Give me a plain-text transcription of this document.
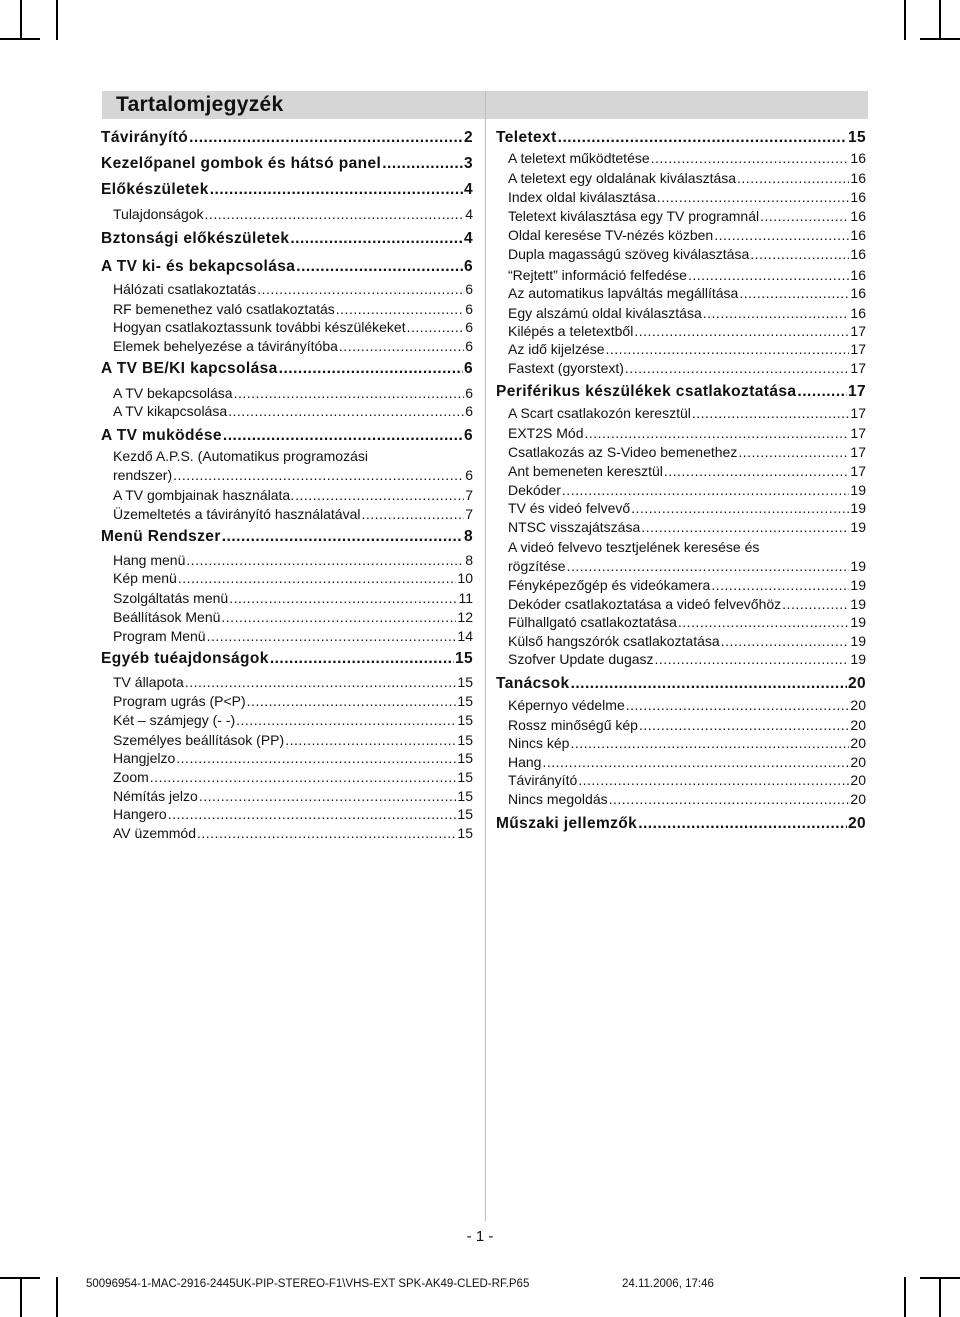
Tartalomjegyzék
Távirányító .....	2
Kezelőpanel gombok és hátsó panel .....	3
Előkészületek .....	4
Tulajdonságok .....	4
Bztonsági előkészületek .....	4
A TV ki- és bekapcsolása .....	6
Hálózati csatlakoztatás .....	6
RF bemenethez való csatlakoztatás .....	6
Hogyan csatlakoztassunk további készülékeket .....	6
Elemek behelyezése a távirányítóba .....	6
A TV BE/KI kapcsolása .....	6
A TV bekapcsolása .....	6
A TV kikapcsolása .....	6
A TV muködése .....	6
Kezdő A.P.S. (Automatikus programozási
rendszer) .....	6
A TV gombjainak használata. .....	7
Üzemeltetés a távirányító használatával .....	7
Menü Rendszer .....	8
Hang menü .....	8
Kép menü .....	10
Szolgáltatás menü .....	11
Beállítások Menü .....	12
Program Menü .....	14
Egyéb tuéajdonságok .....	15
TV állapota .....	15
Program ugrás (P<P) .....	15
Két – számjegy (- -) .....	15
Személyes beállítások (PP) .....	15
Hangjelzo .....	15
Zoom .....	15
Némítás jelzo .....	15
Hangero .....	15
AV üzemmód .....	15
Teletext .....	15
A teletext működtetése .....	16
A teletext egy oldalának kiválasztása .....	16
Index oldal kiválasztása .....	16
Teletext kiválasztása egy TV programnál .....	16
Oldal keresése TV-nézés közben .....	16
Dupla magasságú szöveg kiválasztása .....	16
“Rejtett” információ felfedése .....	16
Az automatikus lapváltás megállítása .....	16
Egy alszámú oldal kiválasztása .....	16
Kilépés a teletextből .....	17
Az idő kijelzése .....	17
Fastext (gyorstext) .....	17
Periférikus készülékek csatlakoztatása .....	17
A Scart csatlakozón keresztül .....	17
EXT2S Mód .....	17
Csatlakozás az S-Video bemenethez .....	17
Ant bemeneten keresztül .....	17
Dekóder .....	19
TV és videó felvevő .....	19
NTSC visszajátszása .....	19
A videó felvevo tesztjelének keresése és
rögzítése .....	19
Fényképezőgép és videókamera .....	19
Dekóder csatlakoztatása a videó felvevőhöz .....	19
Fülhallgató csatlakoztatása .....	19
Külső hangszórók csatlakoztatása .....	19
Szofver Update dugasz .....	19
Tanácsok .....	20
Képernyo védelme .....	20
Rossz minőségű kép .....	20
Nincs kép .....	20
Hang .....	20
Távirányító .....	20
Nincs megoldás .....	20
Műszaki jellemzők .....	20
- 1 -
50096954-1-MAC-2916-2445UK-PIP-STEREO-F1\VHS-EXT SPK-AK49-CLED-RF.P65	24.11.2006, 17:46
